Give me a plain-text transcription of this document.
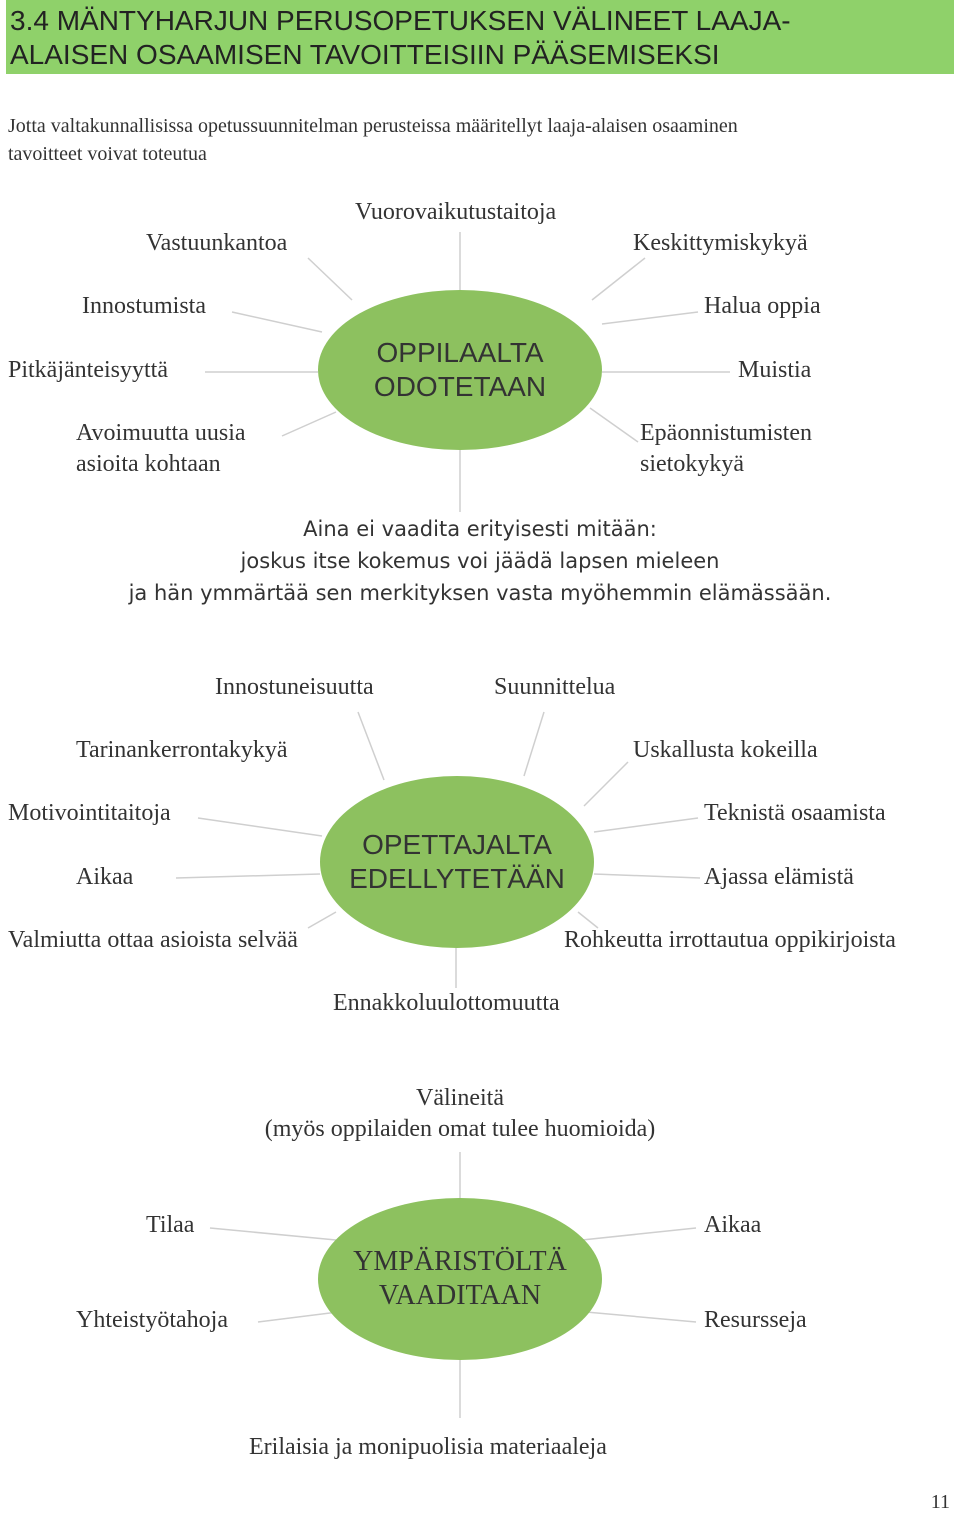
3.4 MÄNTYHARJUN PERUSOPETUKSEN VÄLINEET LAAJA-
ALAISEN OSAAMISEN TAVOITTEISIIN PÄÄSEMISEKSI
Jotta valtakunnallisissa opetussuunnitelman perusteissa määritellyt laaja-alaisen osaaminen
tavoitteet voivat toteutua
OPPILAALTA
ODOTETAAN
Vuorovaikutustaitoja
Vastuunkantoa	Keskittymiskykyä
Innostumista	Halua oppia
Pitkäjänteisyyttä	Muistia
Avoimuutta uusia
asioita kohtaan
Epäonnistumisten
sietokykyä
Aina ei vaadita erityisesti mitään:
joskus itse kokemus voi jäädä lapsen mieleen
ja hän ymmärtää sen merkityksen vasta myöhemmin elämässään.
OPETTAJALTA
EDELLYTETÄÄN
Innostuneisuutta	Suunnittelua
Tarinankerrontakykyä	Uskallusta kokeilla
Motivointitaitoja	Teknistä osaamista
Aikaa	Ajassa elämistä
Valmiutta ottaa asioista selvää	Rohkeutta irrottautua oppikirjoista
Ennakkoluulottomuutta
YMPÄRISTÖLTÄ
VAADITAAN
Välineitä
(myös oppilaiden omat tulee huomioida)
Tilaa	Aikaa
Yhteistyötahoja	Resursseja
Erilaisia ja monipuolisia materiaaleja
11
